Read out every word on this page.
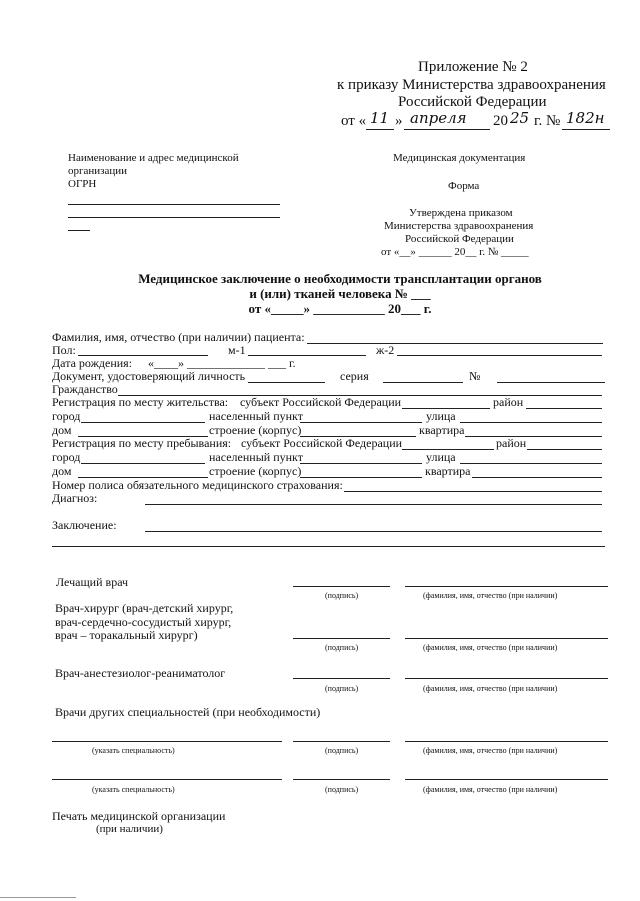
Приложение № 2
к приказу Министерства здравоохранения
Российской Федерации
от « 11 » апреля 20 25 г. № 182н
Наименование и адрес медицинской
организации
ОГРН
Медицинская документация
Форма
Утверждена приказом
Министерства здравоохранения
Российской Федерации
от «__» ______ 20__ г. № _____
Медицинское заключение о необходимости трансплантации органов
и (или) тканей человека № ___
от «_____» ___________ 20___ г.
Фамилия, имя, отчество (при наличии) пациента:
Пол:	м-1	ж-2
Дата рождения: «____» _____________ ___ г.
Документ, удостоверяющий личность	серия	№
Гражданство
Регистрация по месту жительства: субъект Российской Федерации	район
город	населенный пункт	улица
дом	строение (корпус)	квартира
Регистрация по месту пребывания: субъект Российской Федерации	район
город	населенный пункт	улица
дом	строение (корпус)	квартира
Номер полиса обязательного медицинского страхования:
Диагноз:
Заключение:
Лечащий врач
(подпись)	(фамилия, имя, отчество (при наличии)
Врач-хирург (врач-детский хирург,
врач-сердечно-сосудистый хирург,
врач – торакальный хирург)
(подпись)	(фамилия, имя, отчество (при наличии)
Врач-анестезиолог-реаниматолог
(подпись)	(фамилия, имя, отчество (при наличии)
Врачи других специальностей (при необходимости)
(указать специальность)	(подпись)	(фамилия, имя, отчество (при наличии)
(указать специальность)	(подпись)	(фамилия, имя, отчество (при наличии)
Печать медицинской организации
(при наличии)
